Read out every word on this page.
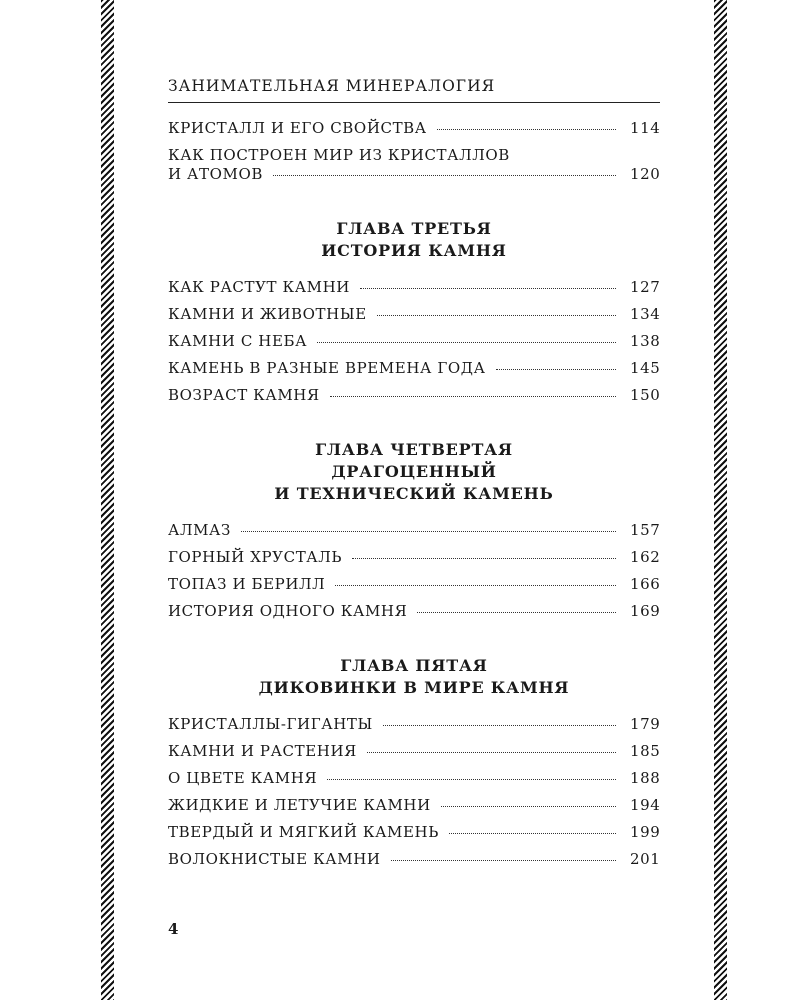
ЗАНИМАТЕЛЬНАЯ МИНЕРАЛОГИЯ
КРИСТАЛЛ И ЕГО СВОЙСТВА	114
КАК ПОСТРОЕН МИР ИЗ КРИСТАЛЛОВ
И АТОМОВ	120
ГЛАВА ТРЕТЬЯ
ИСТОРИЯ КАМНЯ
КАК РАСТУТ КАМНИ	127
КАМНИ И ЖИВОТНЫЕ	134
КАМНИ С НЕБА	138
КАМЕНЬ В РАЗНЫЕ ВРЕМЕНА ГОДА	145
ВОЗРАСТ КАМНЯ	150
ГЛАВА ЧЕТВЕРТАЯ
ДРАГОЦЕННЫЙ
И ТЕХНИЧЕСКИЙ КАМЕНЬ
АЛМАЗ	157
ГОРНЫЙ ХРУСТАЛЬ	162
ТОПАЗ И БЕРИЛЛ	166
ИСТОРИЯ ОДНОГО КАМНЯ	169
ГЛАВА ПЯТАЯ
ДИКОВИНКИ В МИРЕ КАМНЯ
КРИСТАЛЛЫ-ГИГАНТЫ	179
КАМНИ И РАСТЕНИЯ	185
О ЦВЕТЕ КАМНЯ	188
ЖИДКИЕ И ЛЕТУЧИЕ КАМНИ	194
ТВЕРДЫЙ И МЯГКИЙ КАМЕНЬ	199
ВОЛОКНИСТЫЕ КАМНИ	201
4
